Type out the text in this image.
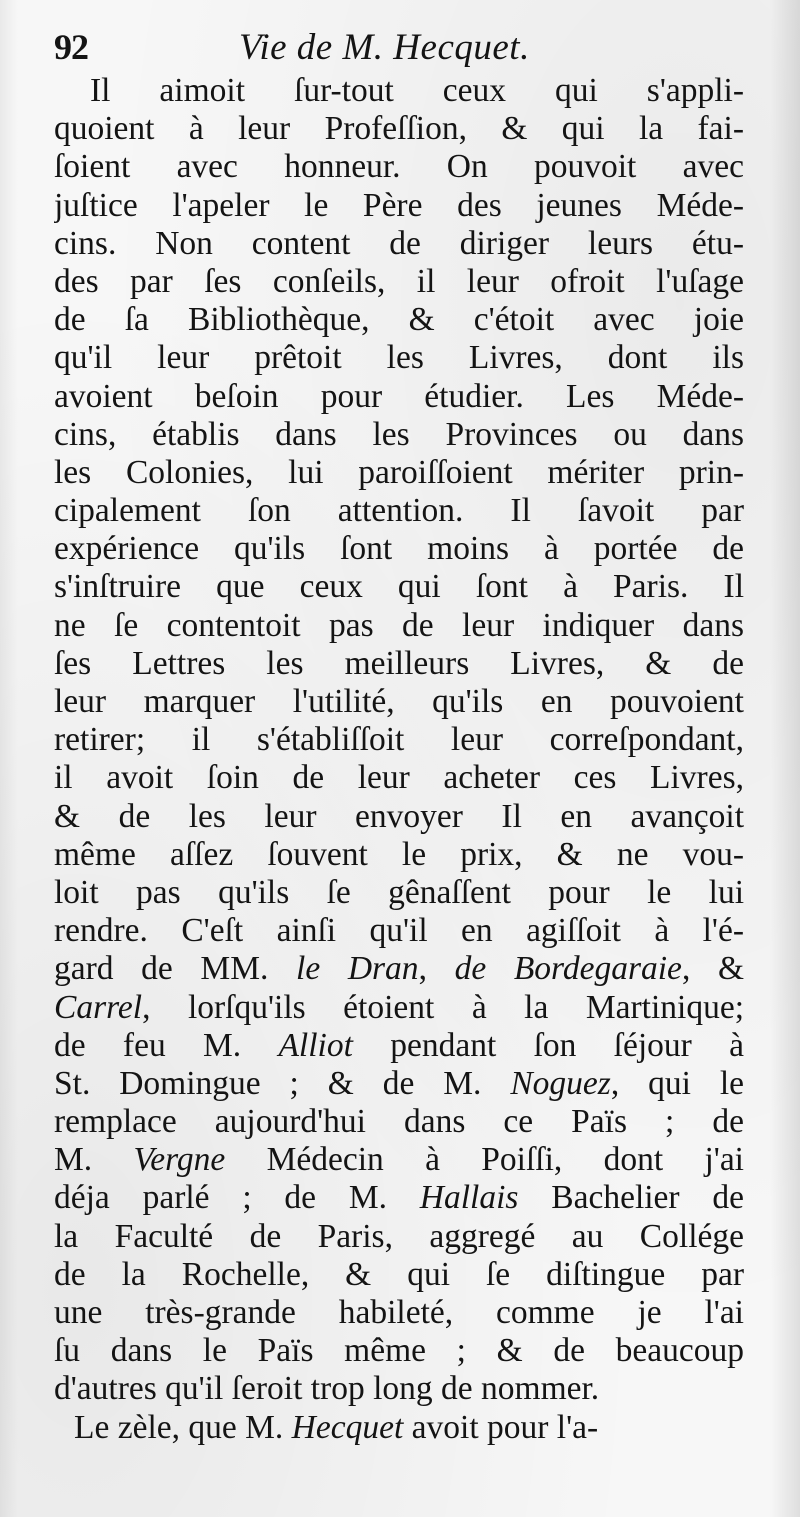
92	Vie de M. Hecquet.
Il aimoit ſur-tout ceux qui s'appli-
quoient à leur Profeſſion, & qui la fai-
ſoient avec honneur. On pouvoit avec
juſtice l'apeler le Père des jeunes Méde-
cins. Non content de diriger leurs étu-
des par ſes conſeils, il leur ofroit l'uſage
de ſa Bibliothèque, & c'étoit avec joie
qu'il leur prêtoit les Livres, dont ils
avoient beſoin pour étudier. Les Méde-
cins, établis dans les Provinces ou dans
les Colonies, lui paroiſſoient mériter prin-
cipalement ſon attention. Il ſavoit par
expérience qu'ils ſont moins à portée de
s'inſtruire que ceux qui ſont à Paris. Il
ne ſe contentoit pas de leur indiquer dans
ſes Lettres les meilleurs Livres, & de
leur marquer l'utilité, qu'ils en pouvoient
retirer; il s'établiſſoit leur correſpondant,
il avoit ſoin de leur acheter ces Livres,
& de les leur envoyer Il en avançoit
même aſſez ſouvent le prix, & ne vou-
loit pas qu'ils ſe gênaſſent pour le lui
rendre. C'eſt ainſi qu'il en agiſſoit à l'é-
gard de MM. le Dran, de Bordegaraie, &
Carrel, lorſqu'ils étoient à la Martinique;
de feu M. Alliot pendant ſon ſéjour à
St. Domingue ; & de M. Noguez, qui le
remplace aujourd'hui dans ce Païs ; de
M. Vergne Médecin à Poiſſi, dont j'ai
déja parlé ; de M. Hallais Bachelier de
la Faculté de Paris, aggregé au Collége
de la Rochelle, & qui ſe diſtingue par
une très-grande habileté, comme je l'ai
ſu dans le Païs même ; & de beaucoup
d'autres qu'il ſeroit trop long de nommer.
Le zèle, que M. Hecquet avoit pour l'a-
